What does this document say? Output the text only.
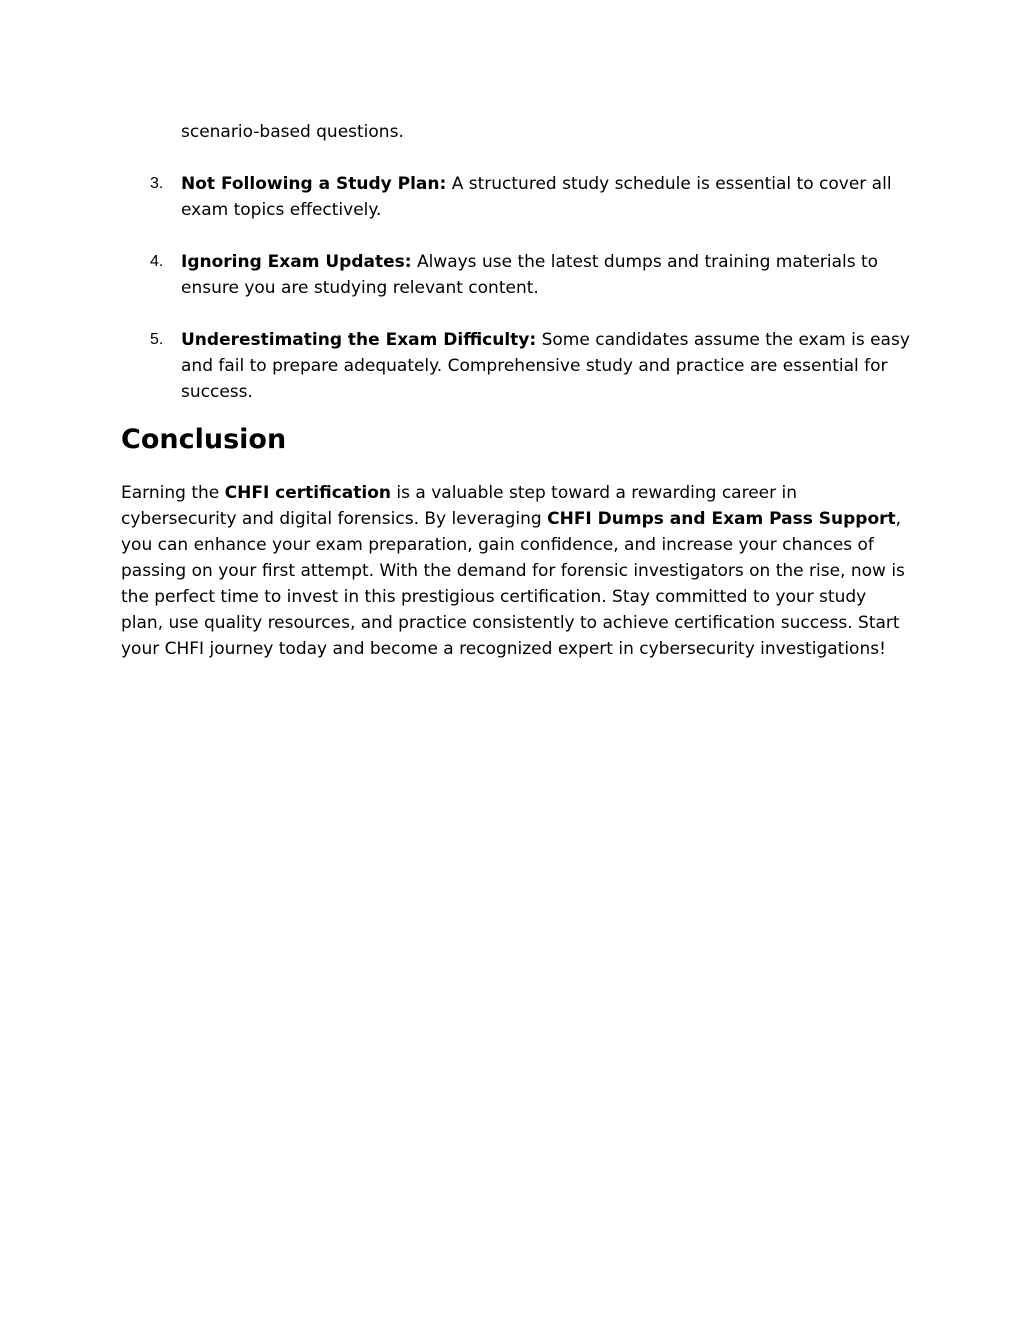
scenario-based questions.

3. Not Following a Study Plan: A structured study schedule is essential to cover all exam topics effectively.
4. Ignoring Exam Updates: Always use the latest dumps and training materials to ensure you are studying relevant content.
5. Underestimating the Exam Difficulty: Some candidates assume the exam is easy and fail to prepare adequately. Comprehensive study and practice are essential for success.
Conclusion

Earning the CHFI certification is a valuable step toward a rewarding career in cybersecurity and digital forensics. By leveraging CHFI Dumps and Exam Pass Support, you can enhance your exam preparation, gain confidence, and increase your chances of passing on your first attempt. With the demand for forensic investigators on the rise, now is the perfect time to invest in this prestigious certification. Stay committed to your study plan, use quality resources, and practice consistently to achieve certification success. Start your CHFI journey today and become a recognized expert in cybersecurity investigations!
